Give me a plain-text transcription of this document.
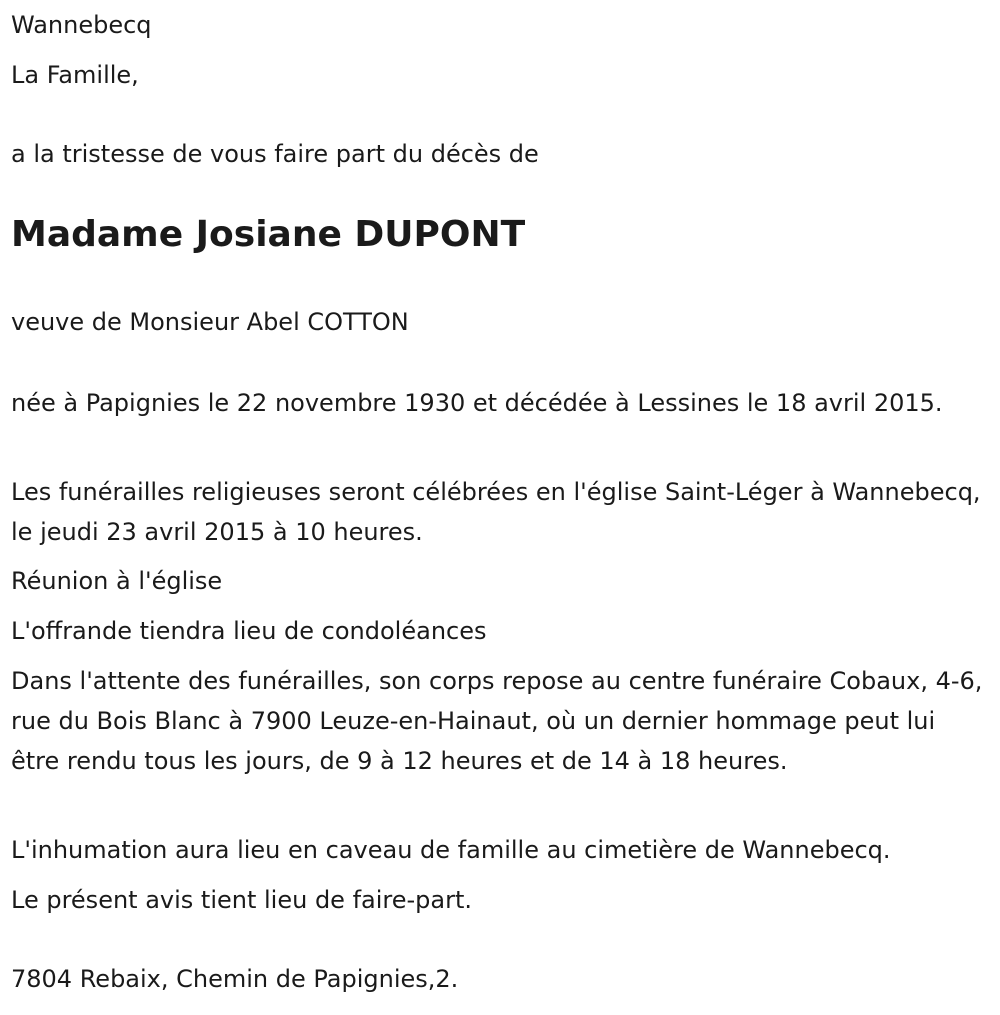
Wannebecq

La Famille,

a la tristesse de vous faire part du décès de

Madame Josiane DUPONT

veuve de Monsieur Abel COTTON

née à Papignies le 22 novembre 1930 et décédée à Lessines le 18 avril 2015.

Les funérailles religieuses seront célébrées en l'église Saint-Léger à Wannebecq, le jeudi 23 avril 2015 à 10 heures.

Réunion à l'église

L'offrande tiendra lieu de condoléances

Dans l'attente des funérailles, son corps repose au centre funéraire Cobaux, 4-6, rue du Bois Blanc à 7900 Leuze-en-Hainaut, où un dernier hommage peut lui être rendu tous les jours, de 9 à 12 heures et de 14 à 18 heures.

L'inhumation aura lieu en caveau de famille au cimetière de Wannebecq.

Le présent avis tient lieu de faire-part.

7804 Rebaix, Chemin de Papignies,2.
